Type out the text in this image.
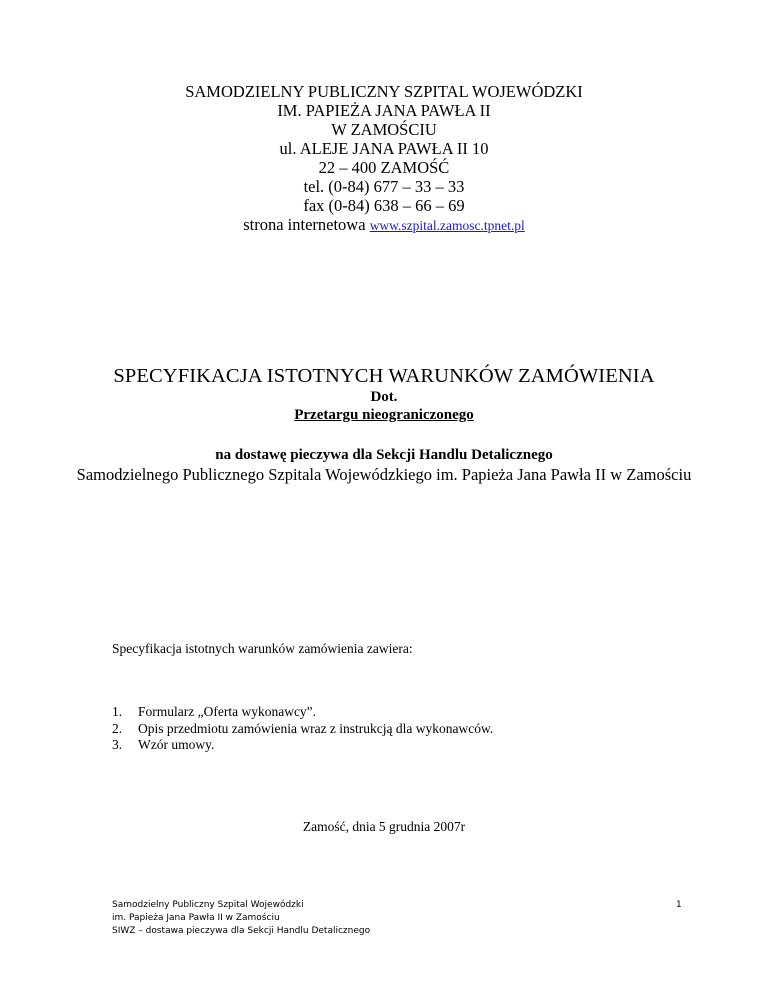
SAMODZIELNY PUBLICZNY SZPITAL WOJEWÓDZKI
IM. PAPIEŻA JANA PAWŁA II
W ZAMOŚCIU
ul. ALEJE JANA PAWŁA II 10
22 – 400 ZAMOŚĆ
tel. (0-84) 677 – 33 – 33
fax (0-84) 638 – 66 – 69
strona internetowa www.szpital.zamosc.tpnet.pl
SPECYFIKACJA ISTOTNYCH WARUNKÓW ZAMÓWIENIA
Dot.
Przetargu nieograniczonego
na dostawę pieczywa dla Sekcji Handlu Detalicznego
Samodzielnego Publicznego Szpitala Wojewódzkiego im. Papieża Jana Pawła II w Zamościu
Specyfikacja istotnych warunków zamówienia zawiera:
1. Formularz „Oferta wykonawcy”.
2. Opis przedmiotu zamówienia wraz z instrukcją dla wykonawców.
3. Wzór umowy.
Zamość, dnia 5 grudnia 2007r
Samodzielny Publiczny Szpital Wojewódzki
im. Papieża Jana Pawła II w Zamościu
SIWZ – dostawa pieczywa dla Sekcji Handlu Detalicznego
1
